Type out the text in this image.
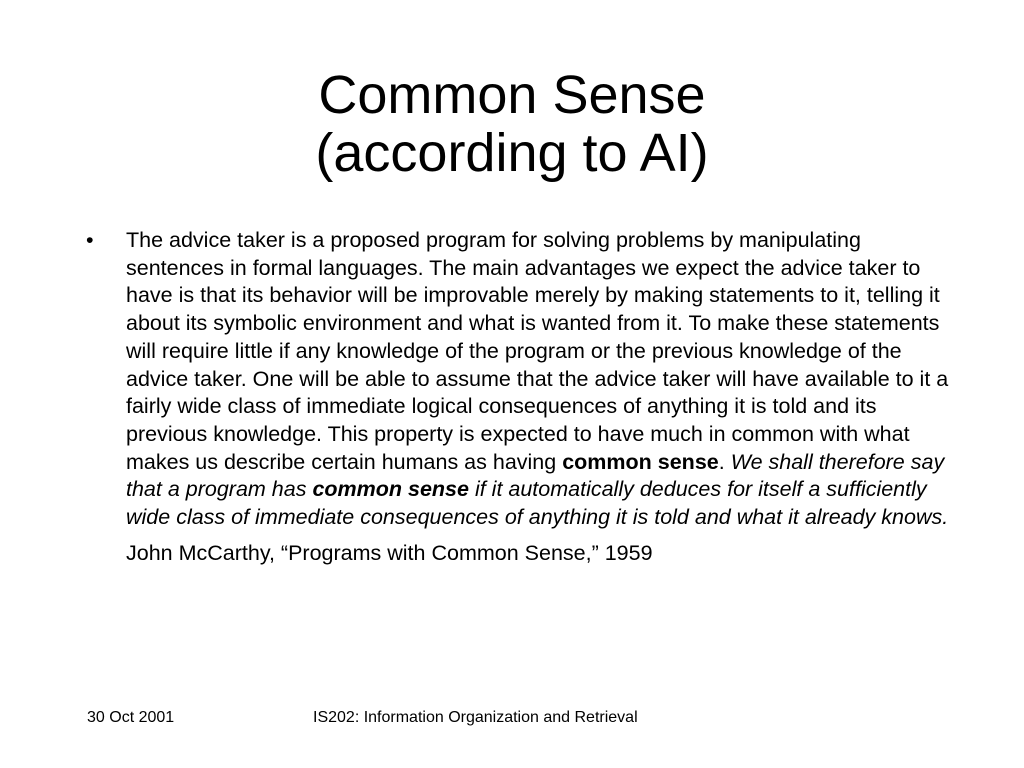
Common Sense
(according to AI)
• The advice taker is a proposed program for solving problems by manipulating sentences in formal languages. The main advantages we expect the advice taker to have is that its behavior will be improvable merely by making statements to it, telling it about its symbolic environment and what is wanted from it. To make these statements will require little if any knowledge of the program or the previous knowledge of the advice taker. One will be able to assume that the advice taker will have available to it a fairly wide class of immediate logical consequences of anything it is told and its previous knowledge. This property is expected to have much in common with what makes us describe certain humans as having common sense. We shall therefore say that a program has common sense if it automatically deduces for itself a sufficiently wide class of immediate consequences of anything it is told and what it already knows.
John McCarthy, “Programs with Common Sense,” 1959
30 Oct 2001	IS202: Information Organization and Retrieval
